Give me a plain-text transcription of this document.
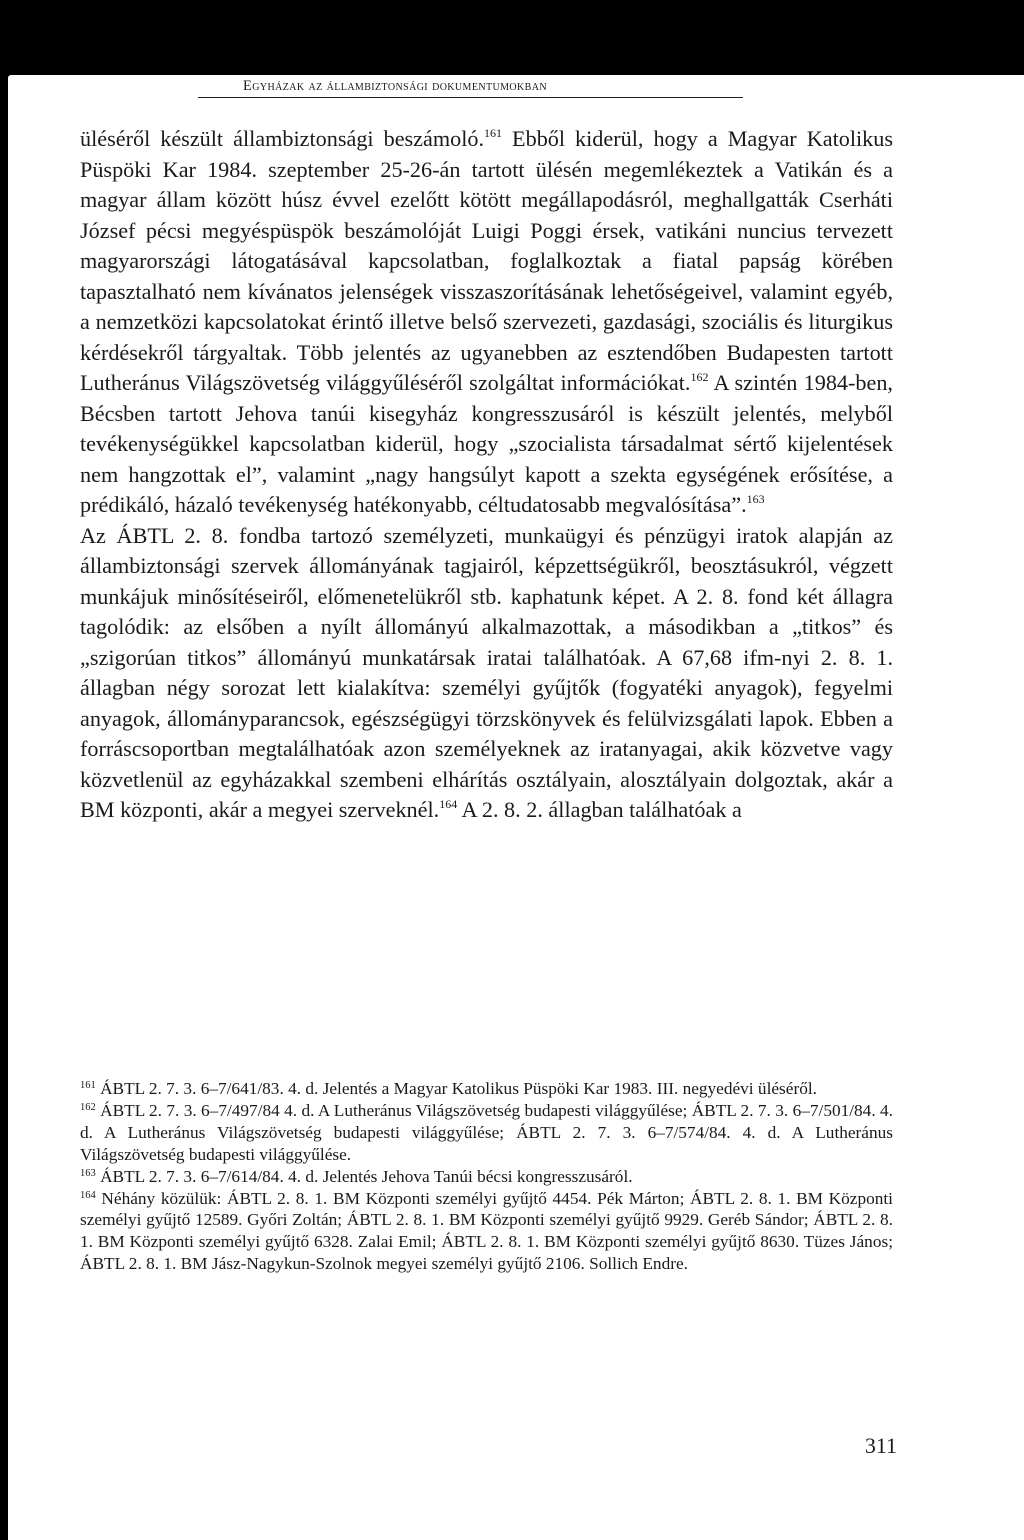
Egyházak az állambiztonsági dokumentumokban

üléséről készült állambiztonsági beszámoló.$^{161}$ Ebből kiderül, hogy a Magyar Katolikus Püspöki Kar 1984. szeptember 25-26-án tartott ülésén megemlékeztek a Vatikán és a magyar állam között húsz évvel ezelőtt kötött megállapodásról, meghallgatták Cserháti József pécsi megyéspüspök beszámolóját Luigi Poggi érsek, vatikáni nuncius tervezett magyarországi látogatásával kapcsolatban, foglalkoztak a fiatal papság körében tapasztalható nem kívánatos jelenségek visszaszorításának lehetőségeivel, valamint egyéb, a nemzetközi kapcsolatokat érintő illetve belső szervezeti, gazdasági, szociális és liturgikus kérdésekről tárgyaltak. Több jelentés az ugyanebben az esztendőben Budapesten tartott Lutheránus Világszövetség világgyűléséről szolgáltat információkat.$^{162}$ A szintén 1984-ben, Bécsben tartott Jehova tanúi kisegyház kongresszusáról is készült jelentés, melyből tevékenységükkel kapcsolatban kiderül, hogy „szocialista társadalmat sértő kijelentések nem hangzottak el”, valamint „nagy hangsúlyt kapott a szekta egységének erősítése, a prédikáló, házaló tevékenység hatékonyabb, céltudatosabb megvalósítása”.$^{163}$

Az ÁBTL 2. 8. fondba tartozó személyzeti, munkaügyi és pénzügyi iratok alapján az állambiztonsági szervek állományának tagjairól, képzettségükről, beosztásukról, végzett munkájuk minősítéseiről, előmenetelükről stb. kaphatunk képet. A 2. 8. fond két állagra tagolódik: az elsőben a nyílt állományú alkalmazottak, a másodikban a „titkos” és „szigorúan titkos” állományú munkatársak iratai találhatóak. A 67,68 ifm-nyi 2. 8. 1. állagban négy sorozat lett kialakítva: személyi gyűjtők (fogyatéki anyagok), fegyelmi anyagok, állományparancsok, egészségügyi törzskönyvek és felülvizsgálati lapok. Ebben a forráscsoportban megtalálhatóak azon személyeknek az iratanyagai, akik közvetve vagy közvetlenül az egyházakkal szembeni elhárítás osztályain, alosztályain dolgoztak, akár a BM központi, akár a megyei szerveknél.$^{164}$ A 2. 8. 2. állagban találhatóak a

$^{161}$ ÁBTL 2. 7. 3. 6–7/641/83. 4. d. Jelentés a Magyar Katolikus Püspöki Kar 1983. III. negyedévi üléséről.

$^{162}$ ÁBTL 2. 7. 3. 6–7/497/84 4. d. A Lutheránus Világszövetség budapesti világgyűlése; ÁBTL 2. 7. 3. 6–7/501/84. 4. d. A Lutheránus Világszövetség budapesti világgyűlése; ÁBTL 2. 7. 3. 6–7/574/84. 4. d. A Lutheránus Világszövetség budapesti világgyűlése.

$^{163}$ ÁBTL 2. 7. 3. 6–7/614/84. 4. d. Jelentés Jehova Tanúi bécsi kongresszusáról.

$^{164}$ Néhány közülük: ÁBTL 2. 8. 1. BM Központi személyi gyűjtő 4454. Pék Márton; ÁBTL 2. 8. 1. BM Központi személyi gyűjtő 12589. Győri Zoltán; ÁBTL 2. 8. 1. BM Központi személyi gyűjtő 9929. Geréb Sándor; ÁBTL 2. 8. 1. BM Központi személyi gyűjtő 6328. Zalai Emil; ÁBTL 2. 8. 1. BM Központi személyi gyűjtő 8630. Tüzes János; ÁBTL 2. 8. 1. BM Jász-Nagykun-Szolnok megyei személyi gyűjtő 2106. Sollich Endre.

311
